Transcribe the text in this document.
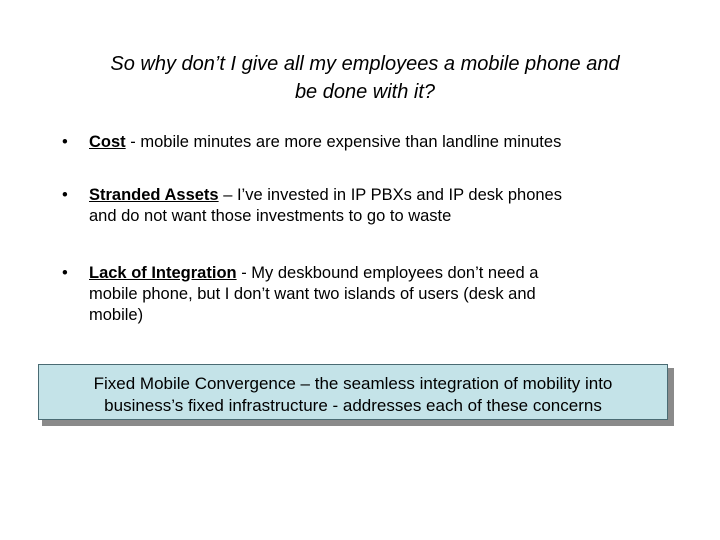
So why don’t I give all my employees a mobile phone and
be done with it?
•	Cost - mobile minutes are more expensive than landline minutes
•	Stranded Assets – I’ve invested in IP PBXs and IP desk phones
and do not want those investments to go to waste
•	Lack of Integration - My deskbound employees don’t need a
mobile phone, but I don’t want two islands of users (desk and
mobile)
Fixed Mobile Convergence – the seamless integration of mobility into
business’s fixed infrastructure - addresses each of these concerns
